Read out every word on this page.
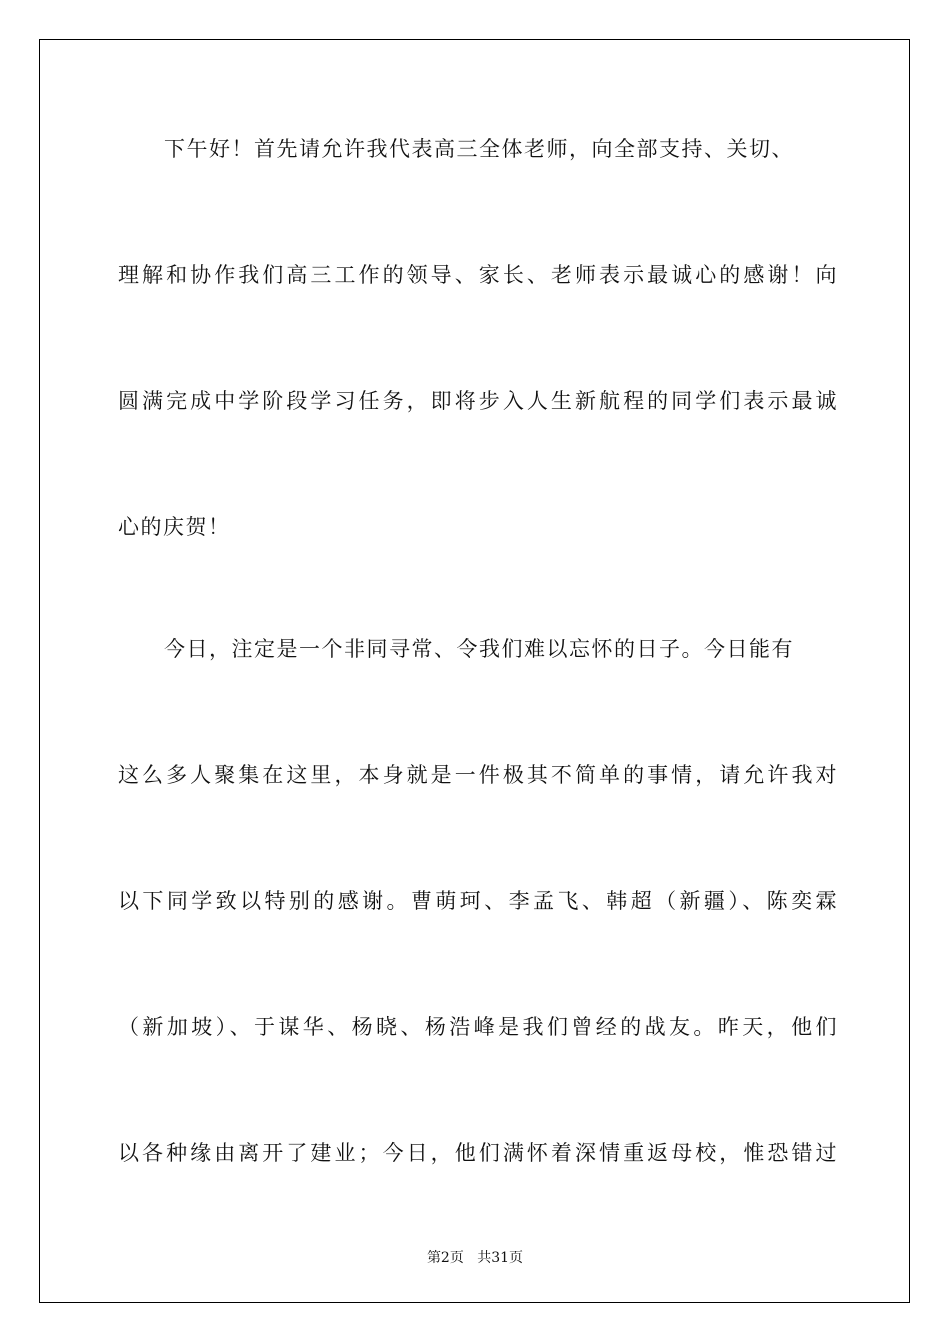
下午好！首先请允许我代表高三全体老师，向全部支持、关切、
理解和协作我们高三工作的领导、家长、老师表示最诚心的感谢！向
圆满完成中学阶段学习任务，即将步入人生新航程的同学们表示最诚
心的庆贺！
今日，注定是一个非同寻常、令我们难以忘怀的日子。今日能有
这么多人聚集在这里，本身就是一件极其不简单的事情，请允许我对
以下同学致以特别的感谢。曹萌珂、李孟飞、韩超（新疆）、陈奕霖
（新加坡）、于谋华、杨晓、杨浩峰是我们曾经的战友。昨天，他们
以各种缘由离开了建业；今日，他们满怀着深情重返母校，惟恐错过
第2页 共31页
